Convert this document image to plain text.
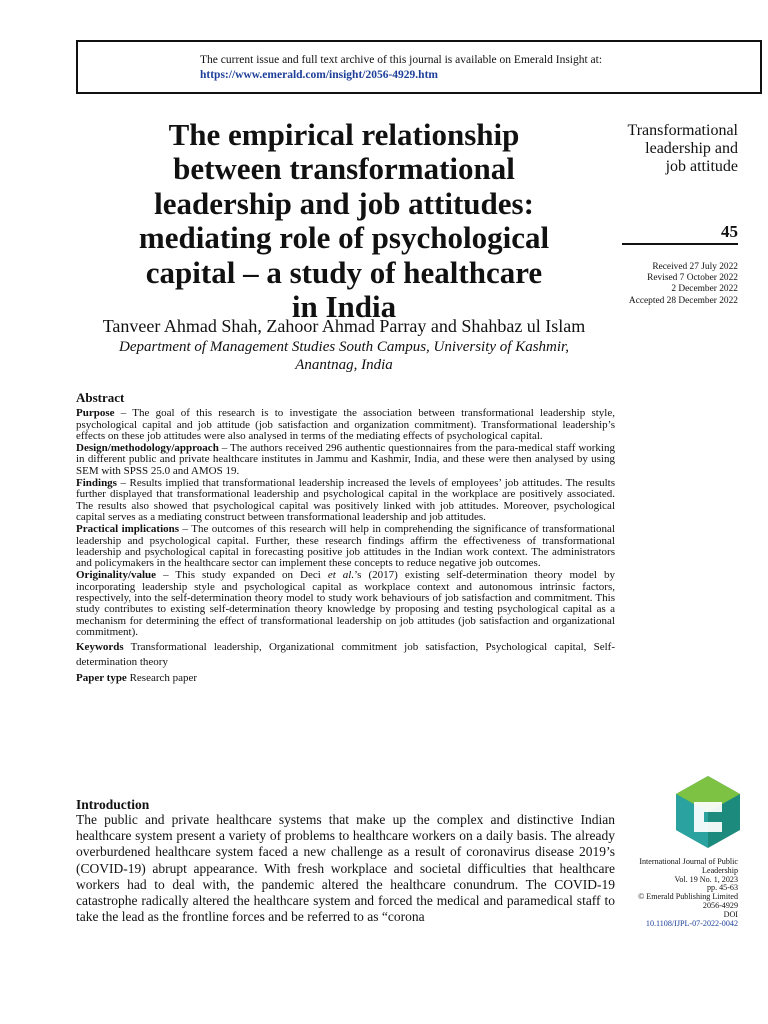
The current issue and full text archive of this journal is available on Emerald Insight at:
https://www.emerald.com/insight/2056-4929.htm
The empirical relationship
between transformational
leadership and job attitudes:
mediating role of psychological
capital – a study of healthcare
in India
Tanveer Ahmad Shah, Zahoor Ahmad Parray and Shahbaz ul Islam
Department of Management Studies South Campus, University of Kashmir,
Anantnag, India
Transformational
leadership and
job attitude
45
Received 27 July 2022
Revised 7 October 2022
2 December 2022
Accepted 28 December 2022
Abstract

Purpose – The goal of this research is to investigate the association between transformational leadership style, psychological capital and job attitude (job satisfaction and organization commitment). Transformational leadership’s effects on these job attitudes were also analysed in terms of the mediating effects of psychological capital.

Design/methodology/approach – The authors received 296 authentic questionnaires from the para-medical staff working in different public and private healthcare institutes in Jammu and Kashmir, India, and these were then analysed by using SEM with SPSS 25.0 and AMOS 19.

Findings – Results implied that transformational leadership increased the levels of employees’ job attitudes. The results further displayed that transformational leadership and psychological capital in the workplace are positively associated. The results also showed that psychological capital was positively linked with job attitudes. Moreover, psychological capital serves as a mediating construct between transformational leadership and job attitudes.

Practical implications – The outcomes of this research will help in comprehending the significance of transformational leadership and psychological capital. Further, these research findings affirm the effectiveness of transformational leadership and psychological capital in forecasting positive job attitudes in the Indian work context. The administrators and policymakers in the healthcare sector can implement these concepts to reduce negative job outcomes.

Originality/value – This study expanded on Deci et al.’s (2017) existing self-determination theory model by incorporating leadership style and psychological capital as workplace context and autonomous intrinsic factors, respectively, into the self-determination theory model to study work behaviours of job satisfaction and commitment. This study contributes to existing self-determination theory knowledge by proposing and testing psychological capital as a mechanism for determining the effect of transformational leadership on job attitudes (job satisfaction and organizational commitment).

Keywords Transformational leadership, Organizational commitment job satisfaction, Psychological capital, Self-determination theory

Paper type Research paper

Introduction
The public and private healthcare systems that make up the complex and distinctive Indian healthcare system present a variety of problems to healthcare workers on a daily basis. The already overburdened healthcare system faced a new challenge as a result of coronavirus disease 2019’s (COVID-19) abrupt appearance. With fresh workplace and societal difficulties that healthcare workers had to deal with, the pandemic altered the healthcare conundrum. The COVID-19 catastrophe radically altered the healthcare system and forced the medical and paramedical staff to take the lead as the frontline forces and be referred to as “corona
International Journal of Public
Leadership
Vol. 19 No. 1, 2023
pp. 45-63
© Emerald Publishing Limited
2056-4929
DOI
10.1108/IJPL-07-2022-0042
